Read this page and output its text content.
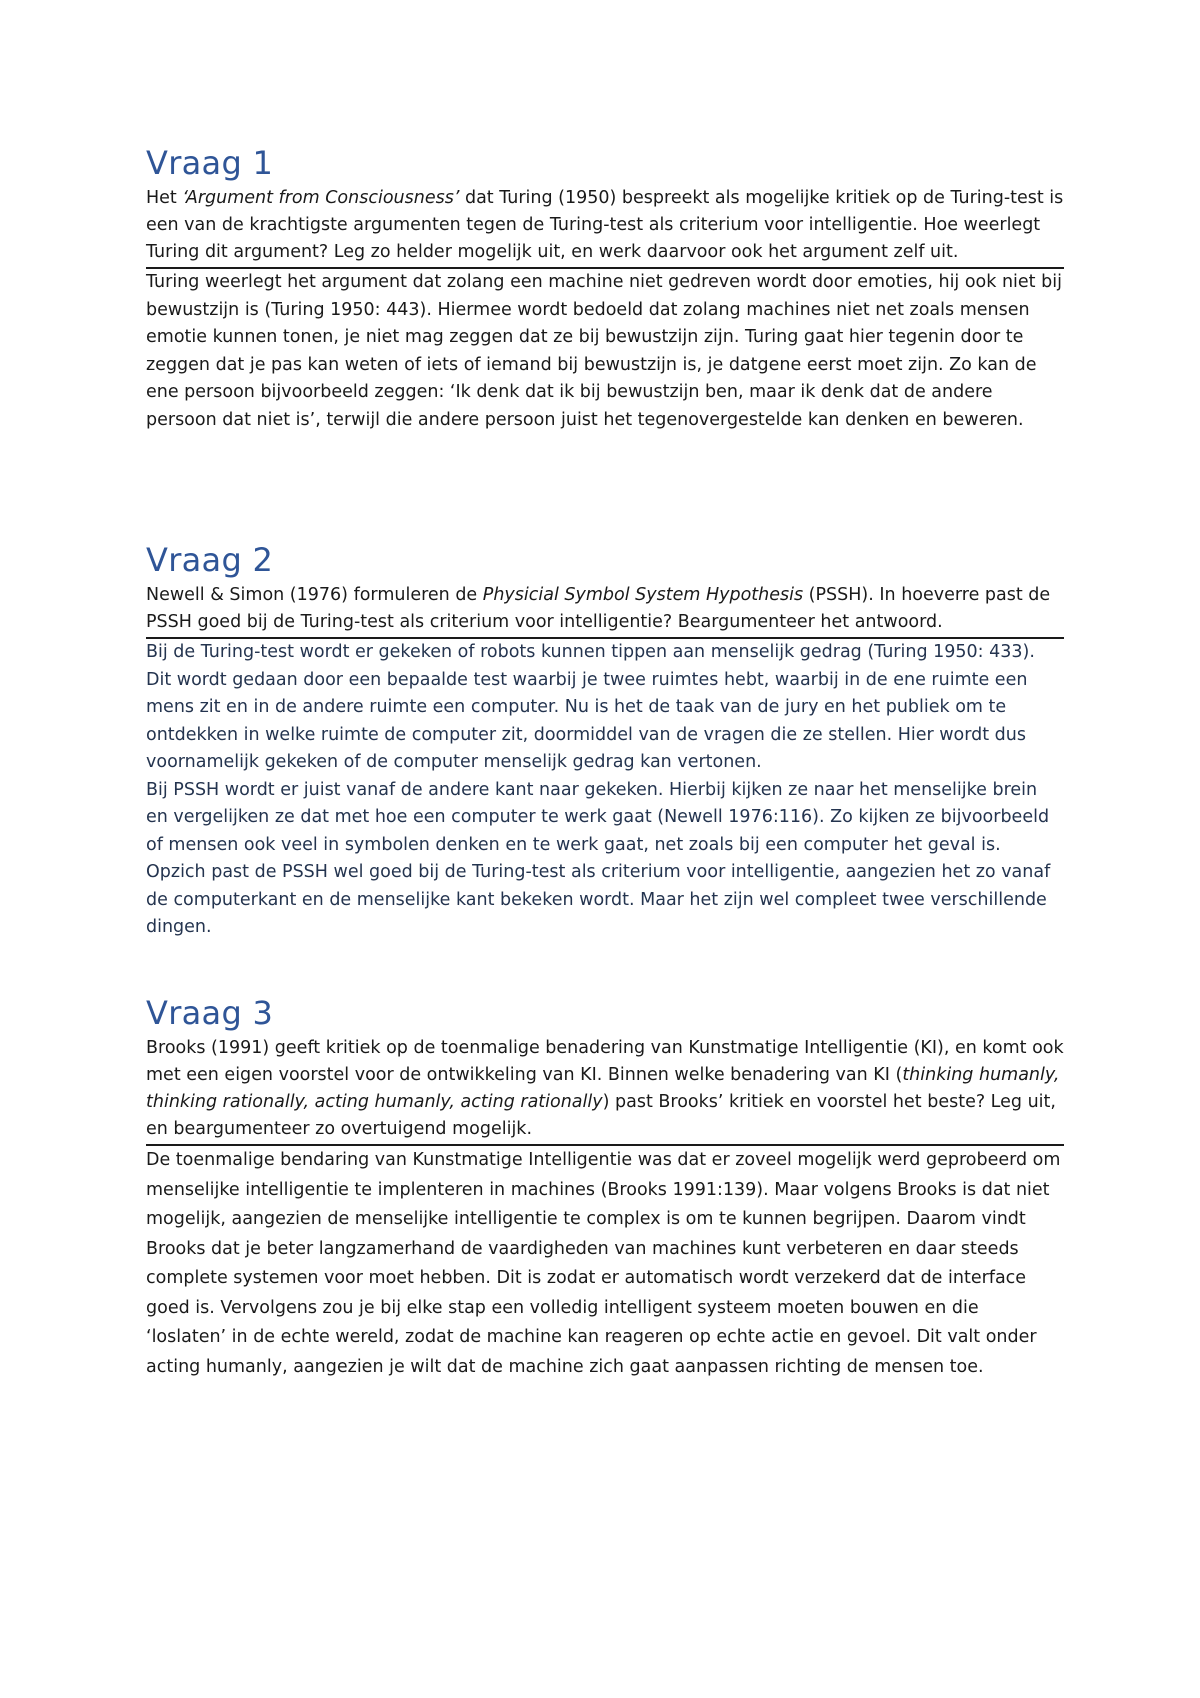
Vraag 1
Het ‘Argument from Consciousness’ dat Turing (1950) bespreekt als mogelijke kritiek op de Turing-test is een van de krachtigste argumenten tegen de Turing-test als criterium voor intelligentie. Hoe weerlegt Turing dit argument? Leg zo helder mogelijk uit, en werk daarvoor ook het argument zelf uit.

Turing weerlegt het argument dat zolang een machine niet gedreven wordt door emoties, hij ook niet bij bewustzijn is (Turing 1950: 443). Hiermee wordt bedoeld dat zolang machines niet net zoals mensen emotie kunnen tonen, je niet mag zeggen dat ze bij bewustzijn zijn. Turing gaat hier tegenin door te zeggen dat je pas kan weten of iets of iemand bij bewustzijn is, je datgene eerst moet zijn. Zo kan de ene persoon bijvoorbeeld zeggen: ‘Ik denk dat ik bij bewustzijn ben, maar ik denk dat de andere persoon dat niet is’, terwijl die andere persoon juist het tegenovergestelde kan denken en beweren.

Vraag 2
Newell & Simon (1976) formuleren de Physicial Symbol System Hypothesis (PSSH). In hoeverre past de PSSH goed bij de Turing-test als criterium voor intelligentie? Beargumenteer het antwoord.

Bij de Turing-test wordt er gekeken of robots kunnen tippen aan menselijk gedrag (Turing 1950: 433). Dit wordt gedaan door een bepaalde test waarbij je twee ruimtes hebt, waarbij in de ene ruimte een mens zit en in de andere ruimte een computer. Nu is het de taak van de jury en het publiek om te ontdekken in welke ruimte de computer zit, doormiddel van de vragen die ze stellen. Hier wordt dus voornamelijk gekeken of de computer menselijk gedrag kan vertonen.

Bij PSSH wordt er juist vanaf de andere kant naar gekeken. Hierbij kijken ze naar het menselijke brein en vergelijken ze dat met hoe een computer te werk gaat (Newell 1976:116). Zo kijken ze bijvoorbeeld of mensen ook veel in symbolen denken en te werk gaat, net zoals bij een computer het geval is. Opzich past de PSSH wel goed bij de Turing-test als criterium voor intelligentie, aangezien het zo vanaf de computerkant en de menselijke kant bekeken wordt. Maar het zijn wel compleet twee verschillende dingen.

Vraag 3
Brooks (1991) geeft kritiek op de toenmalige benadering van Kunstmatige Intelligentie (KI), en komt ook met een eigen voorstel voor de ontwikkeling van KI. Binnen welke benadering van KI (thinking humanly, thinking rationally, acting humanly, acting rationally) past Brooks’ kritiek en voorstel het beste? Leg uit, en beargumenteer zo overtuigend mogelijk.

De toenmalige bendaring van Kunstmatige Intelligentie was dat er zoveel mogelijk werd geprobeerd om menselijke intelligentie te implenteren in machines (Brooks 1991:139). Maar volgens Brooks is dat niet mogelijk, aangezien de menselijke intelligentie te complex is om te kunnen begrijpen. Daarom vindt Brooks dat je beter langzamerhand de vaardigheden van machines kunt verbeteren en daar steeds complete systemen voor moet hebben. Dit is zodat er automatisch wordt verzekerd dat de interface goed is. Vervolgens zou je bij elke stap een volledig intelligent systeem moeten bouwen en die ‘loslaten’ in de echte wereld, zodat de machine kan reageren op echte actie en gevoel. Dit valt onder acting humanly, aangezien je wilt dat de machine zich gaat aanpassen richting de mensen toe.
